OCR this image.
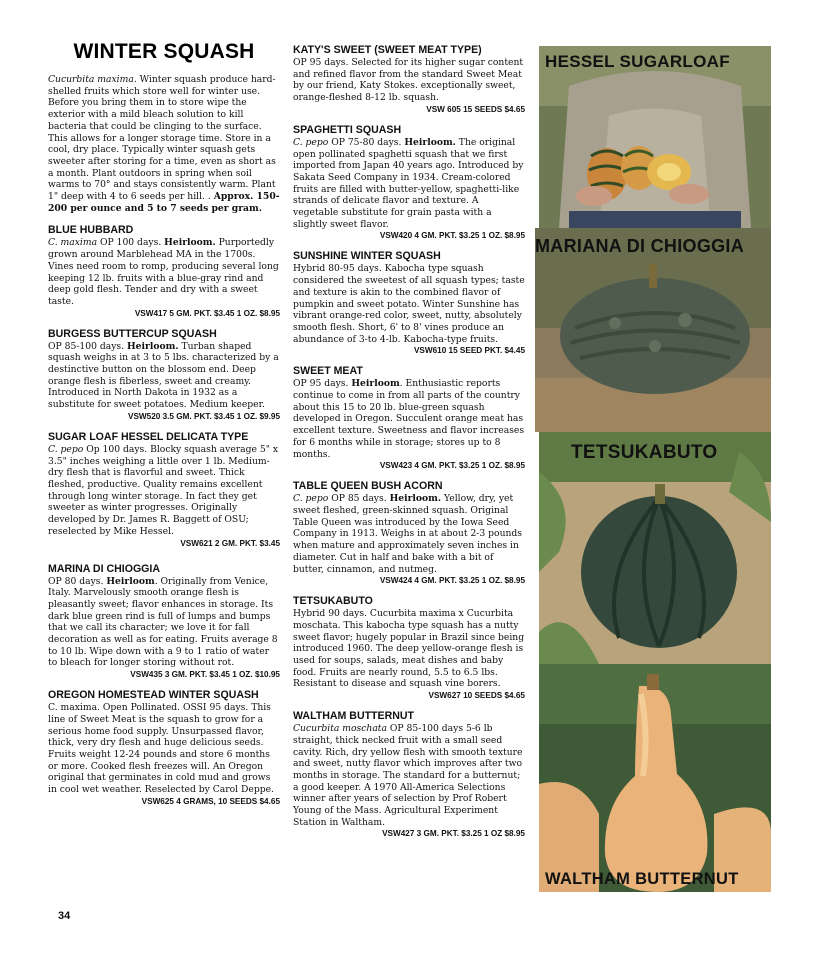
WINTER SQUASH
Cucurbita maxima. Winter squash produce hard-shelled fruits which store well for winter use. Before you bring them in to store wipe the exterior with a mild bleach solution to kill bacteria that could be clinging to the surface. This allows for a longer storage time. Store in a cool, dry place. Typically winter squash gets sweeter after storing for a time, even as short as a month. Plant outdoors in spring when soil warms to 70° and stays consistently warm. Plant 1" deep with 4 to 6 seeds per hill. . Approx. 150-200 per ounce and 5 to 7 seeds per gram.
BLUE HUBBARD
C. maxima OP 100 days. Heirloom. Purportedly grown around Marblehead MA in the 1700s. Vines need room to romp, producing several long keeping 12 lb. fruits with a blue-gray rind and deep gold flesh. Tender and dry with a sweet taste.
VSW417 5 GM. PKT. $3.45 1 OZ. $8.95
BURGESS BUTTERCUP SQUASH
OP 85-100 days. Heirloom. Turban shaped squash weighs in at 3 to 5 lbs. characterized by a destinctive button on the blossom end. Deep orange flesh is fiberless, sweet and creamy. Introduced in North Dakota in 1932 as a substitute for sweet potatoes. Medium keeper.
VSW520 3.5 GM. PKT. $3.45 1 OZ. $9.95
SUGAR LOAF HESSEL DELICATA TYPE
C. pepo Op 100 days. Blocky squash average 5" x 3.5" inches weighing a little over 1 lb. Medium-dry flesh that is flavorful and sweet. Thick fleshed, productive. Quality remains excellent through long winter storage. In fact they get sweeter as winter progresses. Originally developed by Dr. James R. Baggett of OSU; reselected by Mike Hessel.
VSW621 2 GM. PKT. $3.45
MARINA DI CHIOGGIA
OP 80 days. Heirloom. Originally from Venice, Italy. Marvelously smooth orange flesh is pleasantly sweet; flavor enhances in storage. Its dark blue green rind is full of lumps and bumps that we call its character; we love it for fall decoration as well as for eating. Fruits average 8 to 10 lb. Wipe down with a 9 to 1 ratio of water to bleach for longer storing without rot.
VSW435 3 GM. PKT. $3.45 1 OZ. $10.95
OREGON HOMESTEAD WINTER SQUASH
C. maxima. Open Pollinated. OSSI 95 days. This line of Sweet Meat is the squash to grow for a serious home food supply. Unsurpassed flavor, thick, very dry flesh and huge delicious seeds. Fruits weight 12-24 pounds and store 6 months or more. Cooked flesh freezes will. An Oregon original that germinates in cold mud and grows in cool wet weather. Reselected by Carol Deppe.
VSW625 4 GRAMS, 10 SEEDS $4.65
KATY'S SWEET (SWEET MEAT TYPE)
OP 95 days. Selected for its higher sugar content and refined flavor from the standard Sweet Meat by our friend, Katy Stokes. exceptionally sweet, orange-fleshed 8-12 lb. squash.
VSW 605 15 SEEDS $4.65
SPAGHETTI SQUASH
C. pepo OP 75-80 days. Heirloom. The original open pollinated spaghetti squash that we first imported from Japan 40 years ago. Introduced by Sakata Seed Company in 1934. Cream-colored fruits are filled with butter-yellow, spaghetti-like strands of delicate flavor and texture. A vegetable substitute for grain pasta with a slightly sweet flavor.
VSW420 4 GM. PKT. $3.25 1 OZ. $8.95
SUNSHINE WINTER SQUASH
Hybrid 80-95 days. Kabocha type squash considered the sweetest of all squash types; taste and texture is akin to the combined flavor of pumpkin and sweet potato. Winter Sunshine has vibrant orange-red color, sweet, nutty, absolutely smooth flesh. Short, 6' to 8' vines produce an abundance of 3-to 4-lb. Kabocha-type fruits.
VSW610 15 SEED PKT. $4.45
SWEET MEAT
OP 95 days. Heirloom. Enthusiastic reports continue to come in from all parts of the country about this 15 to 20 lb. blue-green squash developed in Oregon. Succulent orange meat has excellent texture. Sweetness and flavor increases for 6 months while in storage; stores up to 8 months.
VSW423 4 GM. PKT. $3.25 1 OZ. $8.95
TABLE QUEEN BUSH ACORN
C. pepo OP 85 days. Heirloom. Yellow, dry, yet sweet fleshed, green-skinned squash. Original Table Queen was introduced by the Iowa Seed Company in 1913. Weighs in at about 2-3 pounds when mature and approximately seven inches in diameter. Cut in half and bake with a bit of butter, cinnamon, and nutmeg.
VSW424 4 GM. PKT. $3.25 1 OZ. $8.95
TETSUKABUTO
Hybrid 90 days. Cucurbita maxima x Cucurbita moschata. This kabocha type squash has a nutty sweet flavor; hugely popular in Brazil since being introduced 1960. The deep yellow-orange flesh is used for soups, salads, meat dishes and baby food. Fruits are nearly round, 5.5 to 6.5 lbs. Resistant to disease and squash vine borers.
VSW627 10 SEEDS $4.65
WALTHAM BUTTERNUT
Cucurbita moschata OP 85-100 days 5-6 lb straight, thick necked fruit with a small seed cavity. Rich, dry yellow flesh with smooth texture and sweet, nutty flavor which improves after two months in storage. The standard for a butternut; a good keeper. A 1970 All-America Selections winner after years of selection by Prof Robert Young of the Mass. Agricultural Experiment Station in Waltham.
VSW427 3 GM. PKT. $3.25 1 OZ $8.95
HESSEL SUGARLOAF
MARIANA DI CHIOGGIA
TETSUKABUTO
WALTHAM BUTTERNUT
34
